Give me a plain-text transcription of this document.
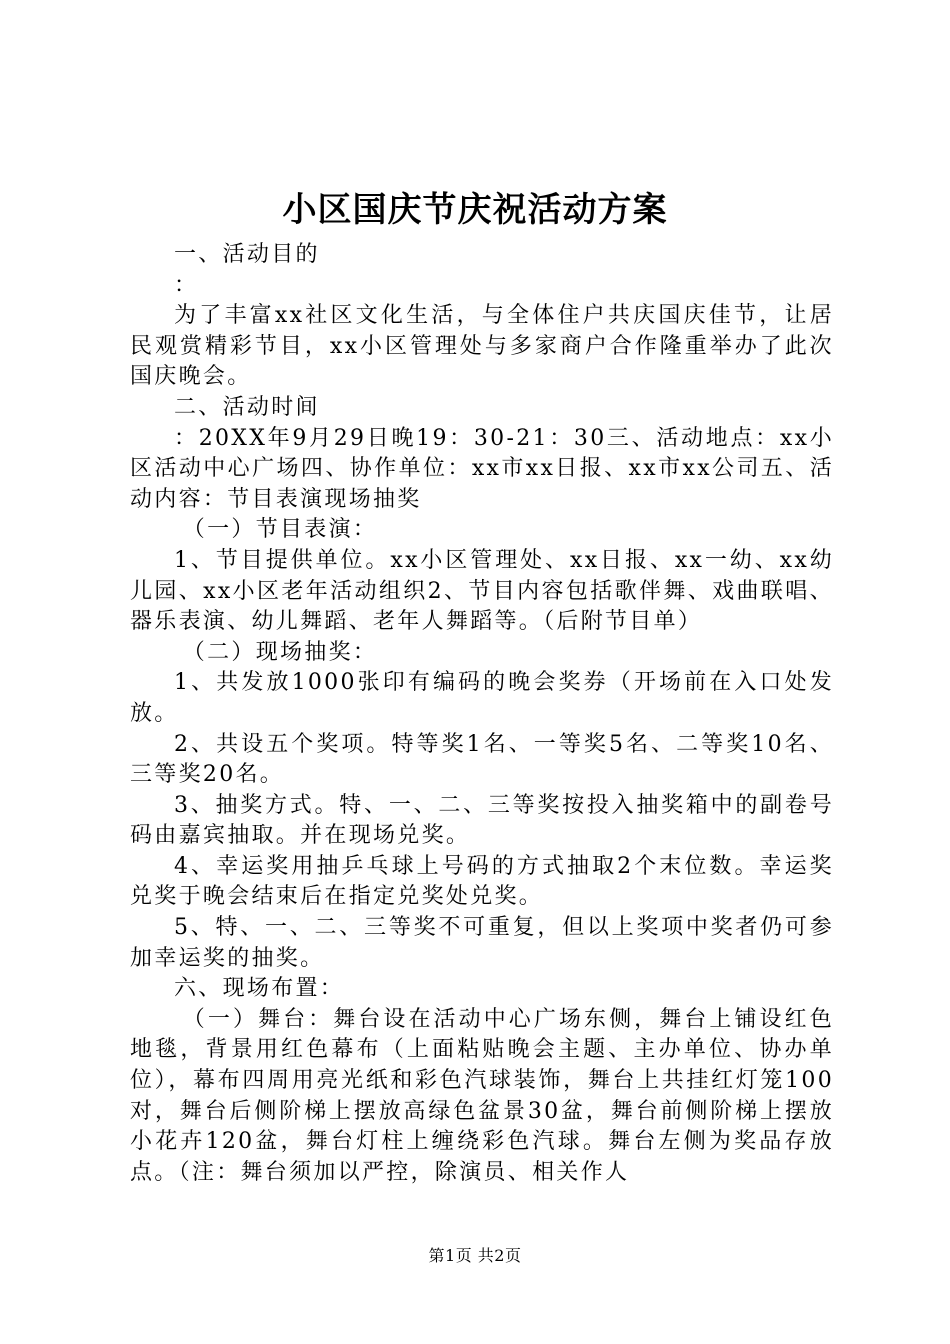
小区国庆节庆祝活动方案

一、活动目的

：

为了丰富xx社区文化生活，与全体住户共庆国庆佳节，让居民观赏精彩节目，xx小区管理处与多家商户合作隆重举办了此次国庆晚会。

二、活动时间

：20XX年9月29日晚19：30-21：30三、活动地点：xx小区活动中心广场四、协作单位：xx市xx日报、xx市xx公司五、活动内容：节目表演现场抽奖

（一）节目表演：

1、节目提供单位。xx小区管理处、xx日报、xx一幼、xx幼儿园、xx小区老年活动组织2、节目内容包括歌伴舞、戏曲联唱、器乐表演、幼儿舞蹈、老年人舞蹈等。（后附节目单）

（二）现场抽奖：

1、共发放1000张印有编码的晚会奖券（开场前在入口处发放。

2、共设五个奖项。特等奖1名、一等奖5名、二等奖10名、三等奖20名。

3、抽奖方式。特、一、二、三等奖按投入抽奖箱中的副卷号码由嘉宾抽取。并在现场兑奖。

4、幸运奖用抽乒乓球上号码的方式抽取2个末位数。幸运奖兑奖于晚会结束后在指定兑奖处兑奖。

5、特、一、二、三等奖不可重复，但以上奖项中奖者仍可参加幸运奖的抽奖。

六、现场布置：

（一）舞台：舞台设在活动中心广场东侧，舞台上铺设红色地毯，背景用红色幕布（上面粘贴晚会主题、主办单位、协办单位），幕布四周用亮光纸和彩色汽球装饰，舞台上共挂红灯笼100对，舞台后侧阶梯上摆放高绿色盆景30盆，舞台前侧阶梯上摆放小花卉120盆，舞台灯柱上缠绕彩色汽球。舞台左侧为奖品存放点。（注：舞台须加以严控，除演员、相关作人

第1页 共2页
